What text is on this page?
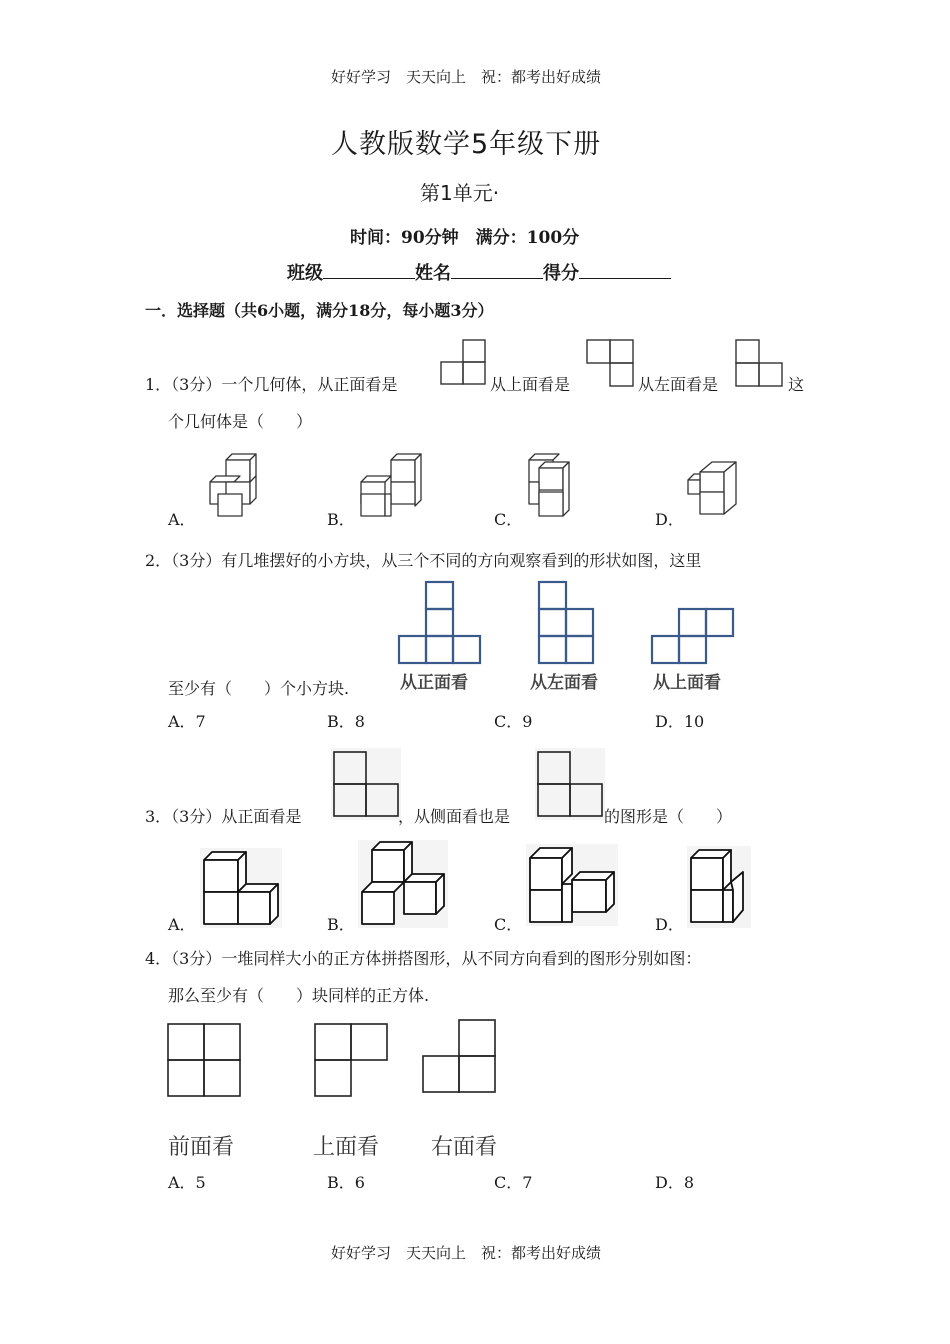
好好学习　天天向上　祝：都考出好成绩
人教版数学5年级下册
第1单元·
时间：90分钟　满分：100分
班级	姓名	得分
一．选择题（共6小题，满分18分，每小题3分）
1．（3分）一个几何体，从正面看是	从上面看是	从左面看是	这
个几何体是（　　）
A．	B．	C．	D．
2．（3分）有几堆摆好的小方块，从三个不同的方向观察看到的形状如图，这里
从正面看	从左面看	从上面看
至少有（　　）个小方块.
A．7	B．8	C．9	D．10
3．（3分）从正面看是	，从侧面看也是	的图形是（　　）
A．	B．	C．	D．
4．（3分）一堆同样大小的正方体拼搭图形，从不同方向看到的图形分别如图：
那么至少有（　　）块同样的正方体.
前面看	上面看 右面看
A．5	B．6	C．7	D．8
好好学习　天天向上　祝：都考出好成绩
